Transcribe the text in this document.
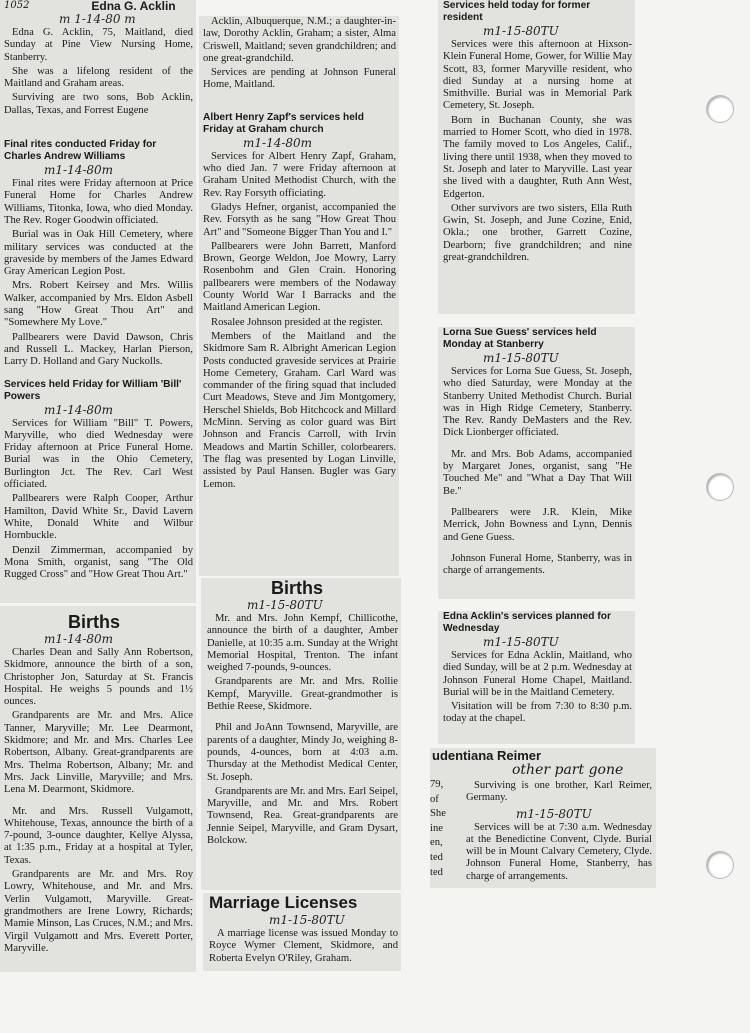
1052	Edna G. Acklin
m 1-14-80 m

Edna G. Acklin, 75, Maitland, died Sunday at Pine View Nursing Home, Stanberry.

She was a lifelong resident of the Maitland and Graham areas.

Surviving are two sons, Bob Acklin, Dallas, Texas, and Forrest Eugene

Final rites conducted Friday for Charles Andrew Williams
m1-14-80m

Final rites were Friday afternoon at Price Funeral Home for Charles Andrew Williams, Titonka, Iowa, who died Monday. The Rev. Roger Goodwin officiated.

Burial was in Oak Hill Cemetery, where military services was conducted at the graveside by members of the James Edward Gray American Legion Post.

Mrs. Robert Keirsey and Mrs. Willis Walker, accompanied by Mrs. Eldon Asbell sang "How Great Thou Art" and "Somewhere My Love."

Pallbearers were David Dawson, Chris and Russell L. Mackey, Harlan Pierson, Larry D. Holland and Gary Nuckolls.

Services held Friday for William 'Bill' Powers
m1-14-80m

Services for William "Bill" T. Powers, Maryville, who died Wednesday were Friday afternoon at Price Funeral Home. Burial was in the Ohio Cemetery, Burlington Jct. The Rev. Carl West officiated.

Pallbearers were Ralph Cooper, Arthur Hamilton, David White Sr., David Lavern White, Donald White and Wilbur Hornbuckle.

Denzil Zimmerman, accompanied by Mona Smith, organist, sang "The Old Rugged Cross" and "How Great Thou Art."

Births
m1-14-80m

Charles Dean and Sally Ann Robertson, Skidmore, announce the birth of a son, Christopher Jon, Saturday at St. Francis Hospital. He weighs 5 pounds and 1½ ounces.

Grandparents are Mr. and Mrs. Alice Tanner, Maryville; Mr. Lee Dearmont, Skidmore; and Mr. and Mrs. Charles Lee Robertson, Albany. Great-grandparents are Mrs. Thelma Robertson, Albany; Mr. and Mrs. Jack Linville, Maryville; and Mrs. Lena M. Dearmont, Skidmore.

Mr. and Mrs. Russell Vulgamott, Whitehouse, Texas, announce the birth of a 7-pound, 3-ounce daughter, Kellye Alyssa, at 1:35 p.m., Friday at a hospital at Tyler, Texas.

Grandparents are Mr. and Mrs. Roy Lowry, Whitehouse, and Mr. and Mrs. Verlin Vulgamott, Maryville. Great-grandmothers are Irene Lowry, Richards; Mamie Minson, Las Cruces, N.M.; and Mrs. Virgil Vulgamott and Mrs. Everett Porter, Maryville.

Acklin, Albuquerque, N.M.; a daughter-in-law, Dorothy Acklin, Graham; a sister, Alma Criswell, Maitland; seven grandchildren; and one great-grandchild.

Services are pending at Johnson Funeral Home, Maitland.

Albert Henry Zapf's services held Friday at Graham church
m1-14-80m

Services for Albert Henry Zapf, Graham, who died Jan. 7 were Friday afternoon at Graham United Methodist Church, with the Rev. Ray Forsyth officiating.

Gladys Hefner, organist, accompanied the Rev. Forsyth as he sang "How Great Thou Art" and "Someone Bigger Than You and I."

Pallbearers were John Barrett, Manford Brown, George Weldon, Joe Mowry, Larry Rosenbohm and Glen Crain. Honoring pallbearers were members of the Nodaway County World War I Barracks and the Maitland American Legion.

Rosalee Johnson presided at the register.

Members of the Maitland and the Skidmore Sam R. Albright American Legion Posts conducted graveside services at Prairie Home Cemetery, Graham. Carl Ward was commander of the firing squad that included Curt Meadows, Steve and Jim Montgomery, Herschel Shields, Bob Hitchcock and Millard McMinn. Serving as color guard was Birt Johnson and Francis Carroll, with Irvin Meadows and Martin Schiller, colorbearers. The flag was presented by Logan Linville, assisted by Paul Hansen. Bugler was Gary Lemon.

Births
m1-15-80TU

Mr. and Mrs. John Kempf, Chillicothe, announce the birth of a daughter, Amber Danielle, at 10:35 a.m. Sunday at the Wright Memorial Hospital, Trenton. The infant weighed 7-pounds, 9-ounces.

Grandparents are Mr. and Mrs. Rollie Kempf, Maryville. Great-grandmother is Bethie Reese, Skidmore.

Phil and JoAnn Townsend, Maryville, are parents of a daughter, Mindy Jo, weighing 8-pounds, 4-ounces, born at 4:03 a.m. Thursday at the Methodist Medical Center, St. Joseph.

Grandparents are Mr. and Mrs. Earl Seipel, Maryville, and Mr. and Mrs. Robert Townsend, Rea. Great-grandparents are Jennie Seipel, Maryville, and Gram Dysart, Bolckow.

Marriage Licenses
m1-15-80TU

A marriage license was issued Monday to Royce Wymer Clement, Skidmore, and Roberta Evelyn O'Riley, Graham.

Services held today for former resident
m1-15-80TU

Services were this afternoon at Hixson-Klein Funeral Home, Gower, for Willie May Scott, 83, former Maryville resident, who died Sunday at a nursing home at Smithville. Burial was in Memorial Park Cemetery, St. Joseph.

Born in Buchanan County, she was married to Homer Scott, who died in 1978. The family moved to Los Angeles, Calif., living there until 1938, when they moved to St. Joseph and later to Maryville. Last year she lived with a daughter, Ruth Ann West, Edgerton.

Other survivors are two sisters, Ella Ruth Gwin, St. Joseph, and June Cozine, Enid, Okla.; one brother, Garrett Cozine, Dearborn; five grandchildren; and nine great-grandchildren.

Lorna Sue Guess' services held Monday at Stanberry
m1-15-80TU

Services for Lorna Sue Guess, St. Joseph, who died Saturday, were Monday at the Stanberry United Methodist Church. Burial was in High Ridge Cemetery, Stanberry. The Rev. Randy DeMasters and the Rev. Dick Lionberger officiated.

Mr. and Mrs. Bob Adams, accompanied by Margaret Jones, organist, sang "He Touched Me" and "What a Day That Will Be."

Pallbearers were J.R. Klein, Mike Merrick, John Bowness and Lynn, Dennis and Gene Guess.

Johnson Funeral Home, Stanberry, was in charge of arrangements.

Edna Acklin's services planned for Wednesday
m1-15-80TU

Services for Edna Acklin, Maitland, who died Sunday, will be at 2 p.m. Wednesday at Johnson Funeral Home Chapel, Maitland. Burial will be in the Maitland Cemetery.

Visitation will be from 7:30 to 8:30 p.m. today at the chapel.

udentiana Reimer
other part gone
79,
of
She
ine
en,
ted
ted

Surviving is one brother, Karl Reimer, Germany.

m1-15-80TU

Services will be at 7:30 a.m. Wednesday at the Benedictine Convent, Clyde. Burial will be in Mount Calvary Cemetery, Clyde. Johnson Funeral Home, Stanberry, has charge of arrangements.
